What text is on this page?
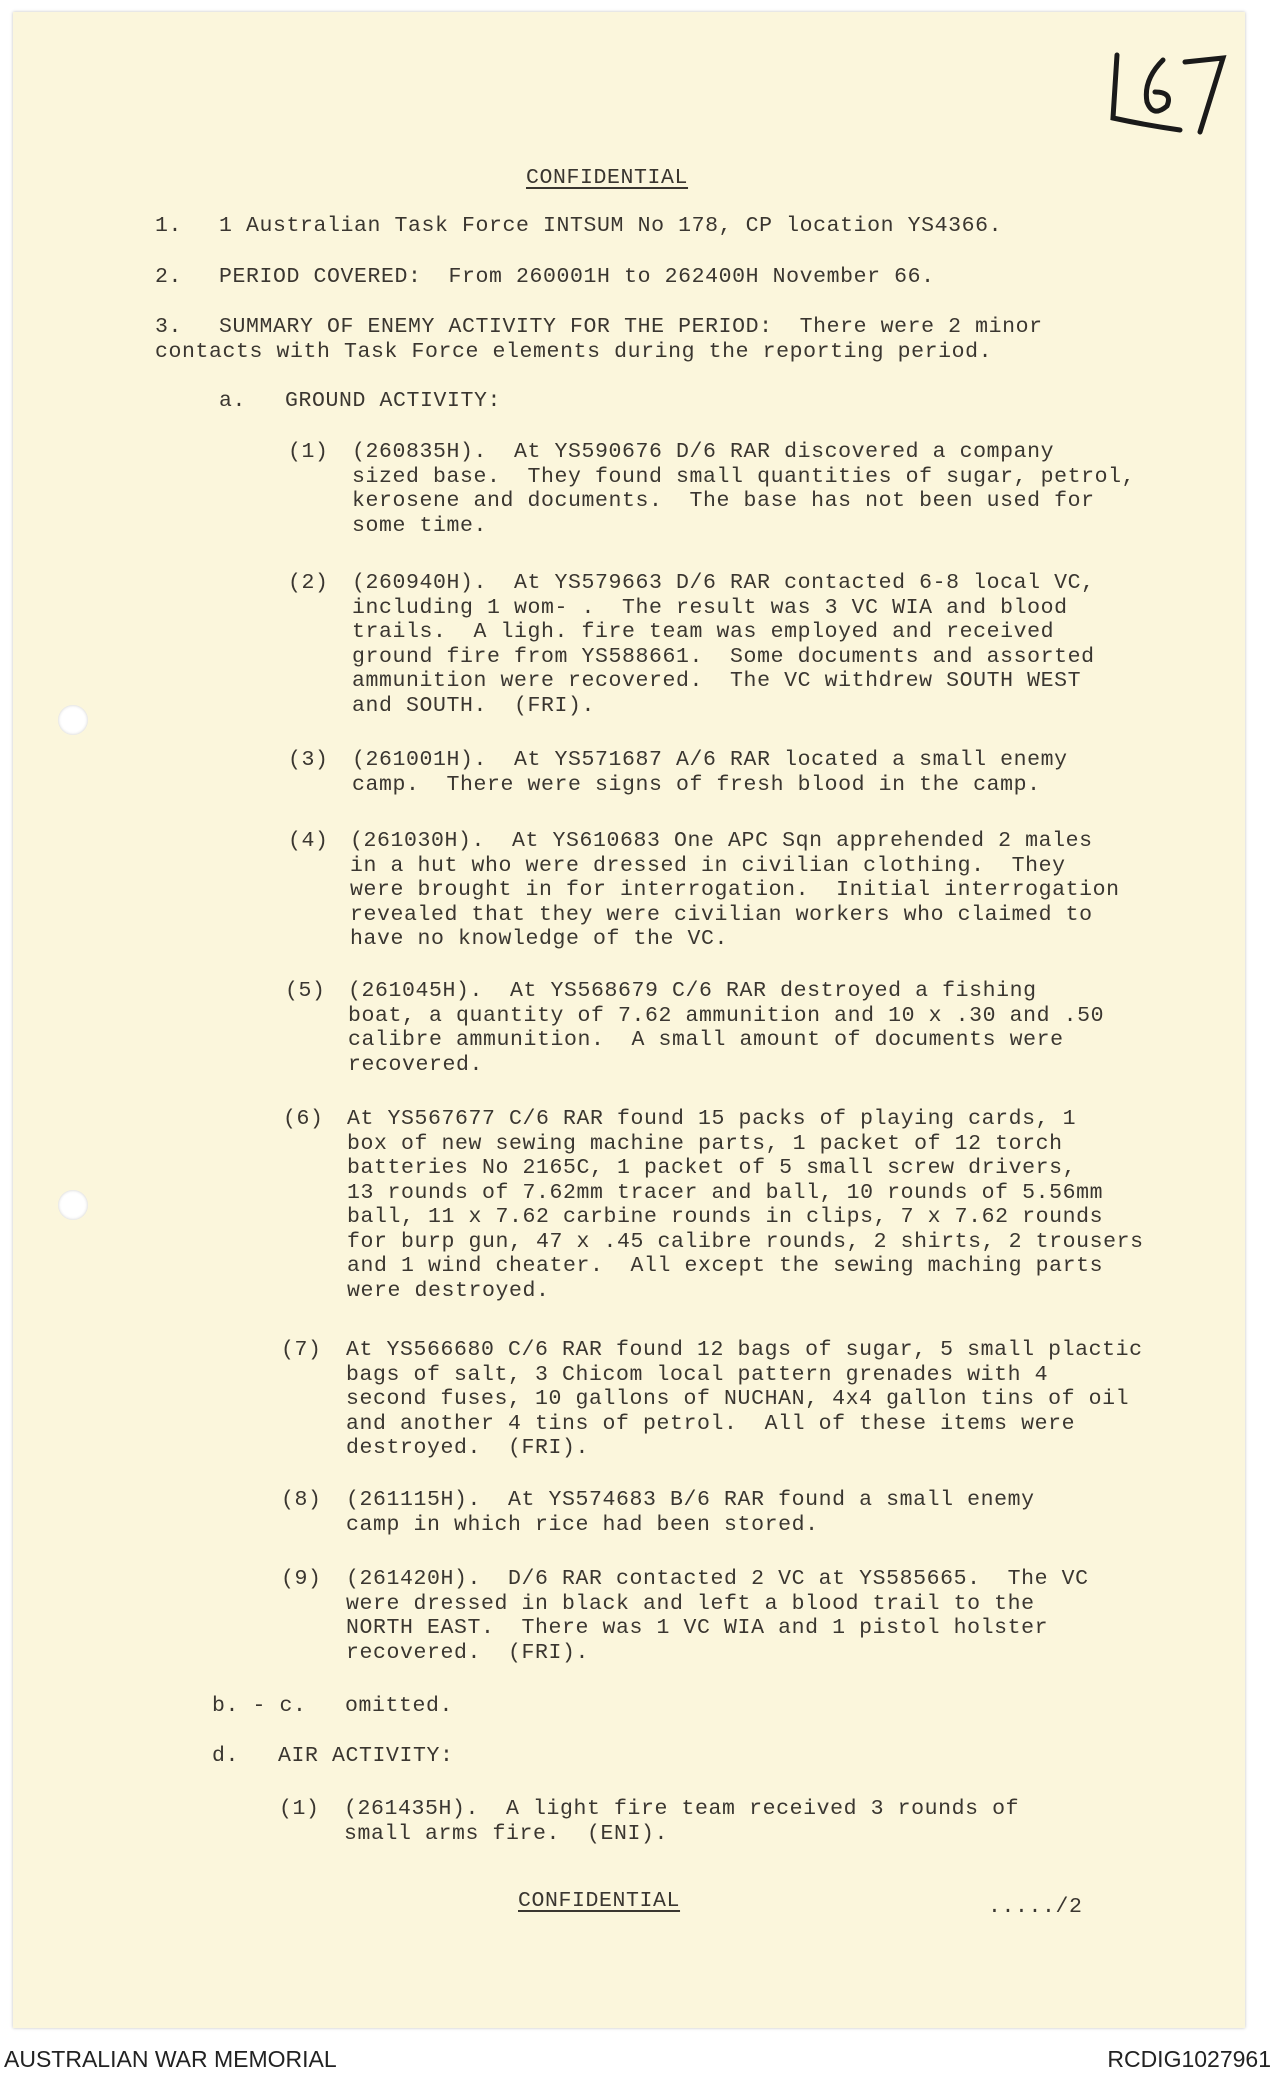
CONFIDENTIAL
1. 1 Australian Task Force INTSUM No 178, CP location YS4366.
2. PERIOD COVERED:  From 260001H to 262400H November 66.
3. SUMMARY OF ENEMY ACTIVITY FOR THE PERIOD:  There were 2 minor
contacts with Task Force elements during the reporting period.
a. GROUND ACTIVITY:
(1) (260835H).  At YS590676 D/6 RAR discovered a company
sized base.  They found small quantities of sugar, petrol,
kerosene and documents.  The base has not been used for
some time.
(2) (260940H).  At YS579663 D/6 RAR contacted 6-8 local VC,
including 1 wom- .  The result was 3 VC WIA and blood
trails.  A ligh. fire team was employed and received
ground fire from YS588661.  Some documents and assorted
ammunition were recovered.  The VC withdrew SOUTH WEST
and SOUTH.  (FRI).
(3) (261001H).  At YS571687 A/6 RAR located a small enemy
camp.  There were signs of fresh blood in the camp.
(4) (261030H).  At YS610683 One APC Sqn apprehended 2 males
in a hut who were dressed in civilian clothing.  They
were brought in for interrogation.  Initial interrogation
revealed that they were civilian workers who claimed to
have no knowledge of the VC.
(5) (261045H).  At YS568679 C/6 RAR destroyed a fishing
boat, a quantity of 7.62 ammunition and 10 x .30 and .50
calibre ammunition.  A small amount of documents were
recovered.
(6) At YS567677 C/6 RAR found 15 packs of playing cards, 1
box of new sewing machine parts, 1 packet of 12 torch
batteries No 2165C, 1 packet of 5 small screw drivers,
13 rounds of 7.62mm tracer and ball, 10 rounds of 5.56mm
ball, 11 x 7.62 carbine rounds in clips, 7 x 7.62 rounds
for burp gun, 47 x .45 calibre rounds, 2 shirts, 2 trousers
and 1 wind cheater.  All except the sewing maching parts
were destroyed.
(7) At YS566680 C/6 RAR found 12 bags of sugar, 5 small plactic
bags of salt, 3 Chicom local pattern grenades with 4
second fuses, 10 gallons of NUCHAN, 4x4 gallon tins of oil
and another 4 tins of petrol.  All of these items were
destroyed.  (FRI).
(8) (261115H).  At YS574683 B/6 RAR found a small enemy
camp in which rice had been stored.
(9) (261420H).  D/6 RAR contacted 2 VC at YS585665.  The VC
were dressed in black and left a blood trail to the
NORTH EAST.  There was 1 VC WIA and 1 pistol holster
recovered.  (FRI).
b. - c. omitted.
d. AIR ACTIVITY:
(1) (261435H).  A light fire team received 3 rounds of
small arms fire.  (ENI).
CONFIDENTIAL	...../2
AUSTRALIAN WAR MEMORIAL	RCDIG1027961
